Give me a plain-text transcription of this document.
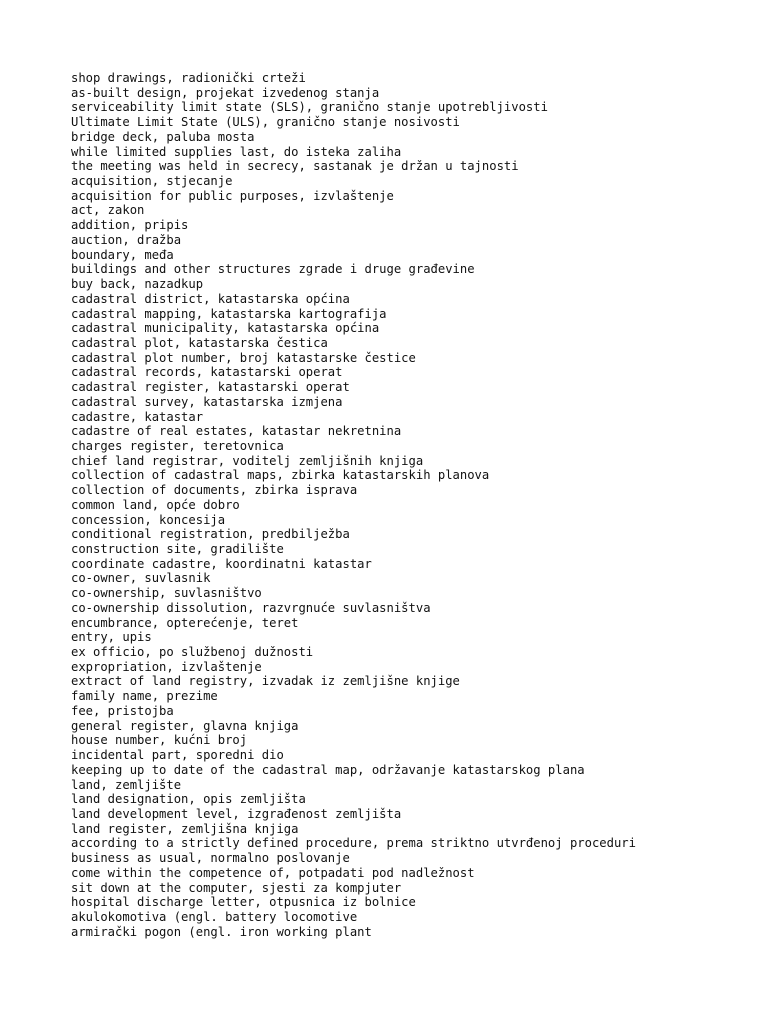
shop drawings, radionički crteži
as-built design, projekat izvedenog stanja
serviceability limit state (SLS), granično stanje upotrebljivosti
Ultimate Limit State (ULS), granično stanje nosivosti
bridge deck, paluba mosta
while limited supplies last, do isteka zaliha
the meeting was held in secrecy, sastanak je držan u tajnosti
acquisition, stjecanje
acquisition for public purposes, izvlaštenje
act, zakon
addition, pripis
auction, dražba
boundary, međa
buildings and other structures zgrade i druge građevine
buy back, nazadkup
cadastral district, katastarska općina
cadastral mapping, katastarska kartografija
cadastral municipality, katastarska općina
cadastral plot, katastarska čestica
cadastral plot number, broj katastarske čestice
cadastral records, katastarski operat
cadastral register, katastarski operat
cadastral survey, katastarska izmjena
cadastre, katastar
cadastre of real estates, katastar nekretnina
charges register, teretovnica
chief land registrar, voditelj zemljišnih knjiga
collection of cadastral maps, zbirka katastarskih planova
collection of documents, zbirka isprava
common land, opće dobro
concession, koncesija
conditional registration, predbilježba
construction site, gradilište
coordinate cadastre, koordinatni katastar
co-owner, suvlasnik
co-ownership, suvlasništvo
co-ownership dissolution, razvrgnuće suvlasništva
encumbrance, opterećenje, teret
entry, upis
ex officio, po službenoj dužnosti
expropriation, izvlaštenje
extract of land registry, izvadak iz zemljišne knjige
family name, prezime
fee, pristojba
general register, glavna knjiga
house number, kućni broj
incidental part, sporedni dio
keeping up to date of the cadastral map, održavanje katastarskog plana
land, zemljište
land designation, opis zemljišta
land development level, izgrađenost zemljišta
land register, zemljišna knjiga
according to a strictly defined procedure, prema striktno utvrđenoj proceduri
business as usual, normalno poslovanje
come within the competence of, potpadati pod nadležnost
sit down at the computer, sjesti za kompjuter
hospital discharge letter, otpusnica iz bolnice
akulokomotiva (engl. battery locomotive
armirački pogon (engl. iron working plant
